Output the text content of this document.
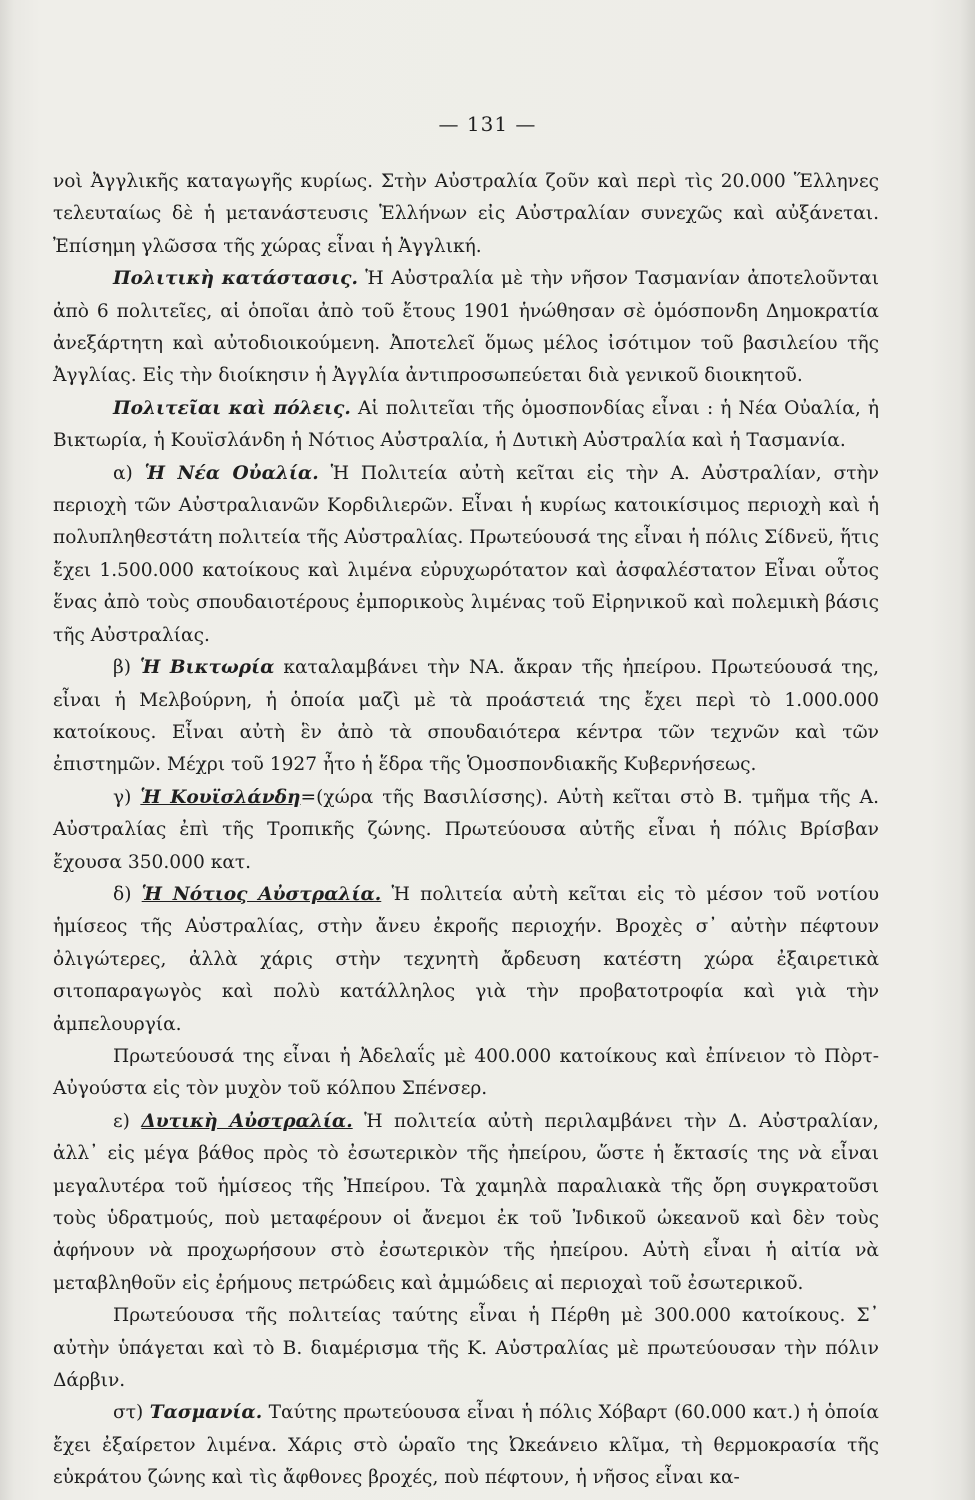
— 131 —

νοὶ Ἀγγλικῆς καταγωγῆς κυρίως. Στὴν Αὐστραλία ζοῦν καὶ περὶ τὶς 20.000 Ἕλληνες τελευταίως δὲ ἡ μετανάστευσις Ἑλλήνων εἰς Αὐστραλίαν συνεχῶς καὶ αὐξάνεται. Ἐπίσημη γλῶσσα τῆς χώρας εἶναι ἡ Ἀγγλική.

Πολιτικὴ κατάστασις. Ἡ Αὐστραλία μὲ τὴν νῆσον Τασμανίαν ἀποτελοῦνται ἀπὸ 6 πολιτεῖες, αἱ ὁποῖαι ἀπὸ τοῦ ἔτους 1901 ἡνώθησαν σὲ ὁμόσπονδη Δημοκρατία ἀνεξάρτητη καὶ αὐτοδιοικούμενη. Ἀποτελεῖ ὅμως μέλος ἰσότιμον τοῦ βασιλείου τῆς Ἀγγλίας. Εἰς τὴν διοίκησιν ἡ Ἀγγλία ἀντιπροσωπεύεται διὰ γενικοῦ διοικητοῦ.

Πολιτεῖαι καὶ πόλεις. Αἱ πολιτεῖαι τῆς ὁμοσπονδίας εἶναι : ἡ Νέα Οὐαλία, ἡ Βικτωρία, ἡ Κουϊσλάνδη ἡ Νότιος Αὐστραλία, ἡ Δυτικὴ Αὐστραλία καὶ ἡ Τασμανία.

α) Ἡ Νέα Οὐαλία. Ἡ Πολιτεία αὐτὴ κεῖται εἰς τὴν Α. Αὐστραλίαν, στὴν περιοχὴ τῶν Αὐστραλιανῶν Κορδιλιερῶν. Εἶναι ἡ κυρίως κατοικίσιμος περιοχὴ καὶ ἡ πολυπληθεστάτη πολιτεία τῆς Αὐστραλίας. Πρωτεύουσά της εἶναι ἡ πόλις Σίδνεϋ, ἥτις ἔχει 1.500.000 κατοίκους καὶ λιμένα εὐρυχωρότατον καὶ ἀσφαλέστατον Εἶναι οὗτος ἕνας ἀπὸ τοὺς σπουδαιοτέρους ἐμπορικοὺς λιμένας τοῦ Εἰρηνικοῦ καὶ πολεμικὴ βάσις τῆς Αὐστραλίας.

β) Ἡ Βικτωρία καταλαμβάνει τὴν ΝΑ. ἄκραν τῆς ἠπείρου. Πρωτεύουσά της, εἶναι ἡ Μελβούρνη, ἡ ὁποία μαζὶ μὲ τὰ προάστειά της ἔχει περὶ τὸ 1.000.000 κατοίκους. Εἶναι αὐτὴ ἓν ἀπὸ τὰ σπουδαιότερα κέντρα τῶν τεχνῶν καὶ τῶν ἐπιστημῶν. Μέχρι τοῦ 1927 ἦτο ἡ ἕδρα τῆς Ὁμοσπονδιακῆς Κυβερνήσεως.

γ) Ἡ Κουϊσλάνδη=(χώρα τῆς Βασιλίσσης). Αὐτὴ κεῖται στὸ Β. τμῆμα τῆς Α. Αὐστραλίας ἐπὶ τῆς Τροπικῆς ζώνης. Πρωτεύουσα αὐτῆς εἶναι ἡ πόλις Βρίσβαν ἔχουσα 350.000 κατ.

δ) Ἡ Νότιος Αὐστραλία. Ἡ πολιτεία αὐτὴ κεῖται εἰς τὸ μέσον τοῦ νοτίου ἡμίσεος τῆς Αὐστραλίας, στὴν ἄνευ ἐκροῆς περιοχήν. Βροχὲς σ᾿ αὐτὴν πέφτουν ὀλιγώτερες, ἀλλὰ χάρις στὴν τεχνητὴ ἄρδευση κατέστη χώρα ἐξαιρετικὰ σιτοπαραγωγὸς καὶ πολὺ κατάλληλος γιὰ τὴν προβατοτροφία καὶ γιὰ τὴν ἀμπελουργία.

Πρωτεύουσά της εἶναι ἡ Ἀδελαΐς μὲ 400.000 κατοίκους καὶ ἐπίνειον τὸ Πὸρτ-Αὐγούστα εἰς τὸν μυχὸν τοῦ κόλπου Σπένσερ.

ε) Δυτικὴ Αὐστραλία. Ἡ πολιτεία αὐτὴ περιλαμβάνει τὴν Δ. Αὐστραλίαν, ἀλλ᾿ εἰς μέγα βάθος πρὸς τὸ ἐσωτερικὸν τῆς ἠπείρου, ὥστε ἡ ἔκτασίς της νὰ εἶναι μεγαλυτέρα τοῦ ἡμίσεος τῆς Ἠπείρου. Τὰ χαμηλὰ παραλιακὰ τῆς ὄρη συγκρατοῦσι τοὺς ὑδρατμούς, ποὺ μεταφέρουν οἱ ἄνεμοι ἐκ τοῦ Ἰνδικοῦ ὠκεανοῦ καὶ δὲν τοὺς ἀφήνουν νὰ προχωρήσουν στὸ ἐσωτερικὸν τῆς ἠπείρου. Αὐτὴ εἶναι ἡ αἰτία νὰ μεταβληθοῦν εἰς ἐρήμους πετρώδεις καὶ ἀμμώδεις αἱ περιοχαὶ τοῦ ἐσωτερικοῦ.

Πρωτεύουσα τῆς πολιτείας ταύτης εἶναι ἡ Πέρθη μὲ 300.000 κατοίκους. Σ᾿ αὐτὴν ὑπάγεται καὶ τὸ Β. διαμέρισμα τῆς Κ. Αὐστραλίας μὲ πρωτεύουσαν τὴν πόλιν Δάρβιν.

στ) Τασμανία. Ταύτης πρωτεύουσα εἶναι ἡ πόλις Χόβαρτ (60.000 κατ.) ἡ ὁποία ἔχει ἐξαίρετον λιμένα. Χάρις στὸ ὡραῖο της Ὠκεάνειο κλῖμα, τὴ θερμοκρασία τῆς εὐκράτου ζώνης καὶ τὶς ἄφθονες βροχές, ποὺ πέφτουν, ἡ νῆσος εἶναι κα-
